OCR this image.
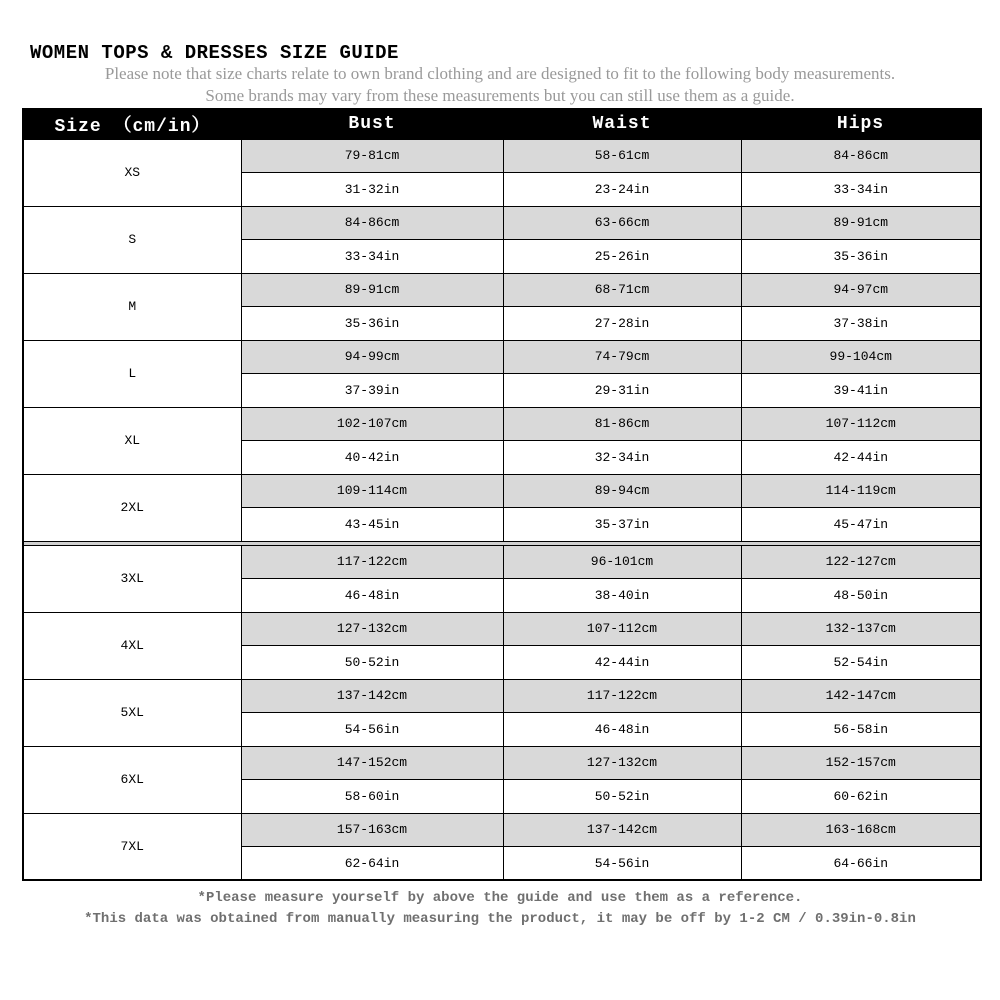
WOMEN TOPS & DRESSES SIZE GUIDE

Please note that size charts relate to own brand clothing and are designed to fit to the following body measurements.

Some brands may vary from these measurements but you can still use them as a guide.

Size （cm/in）	Bust	Waist	Hips
XS	79-81cm	58-61cm	84-86cm
	31-32in	23-24in	33-34in
S	84-86cm	63-66cm	89-91cm
	33-34in	25-26in	35-36in
M	89-91cm	68-71cm	94-97cm
	35-36in	27-28in	37-38in
L	94-99cm	74-79cm	99-104cm
	37-39in	29-31in	39-41in
XL	102-107cm	81-86cm	107-112cm
	40-42in	32-34in	42-44in
2XL	109-114cm	89-94cm	114-119cm
	43-45in	35-37in	45-47in

3XL	117-122cm	96-101cm	122-127cm
	46-48in	38-40in	48-50in
4XL	127-132cm	107-112cm	132-137cm
	50-52in	42-44in	52-54in
5XL	137-142cm	117-122cm	142-147cm
	54-56in	46-48in	56-58in
6XL	147-152cm	127-132cm	152-157cm
	58-60in	50-52in	60-62in
7XL	157-163cm	137-142cm	163-168cm
	62-64in	54-56in	64-66in

*Please measure yourself by above the guide and use them as a reference.

*This data was obtained from manually measuring the product, it may be off by 1-2 CM / 0.39in-0.8in
